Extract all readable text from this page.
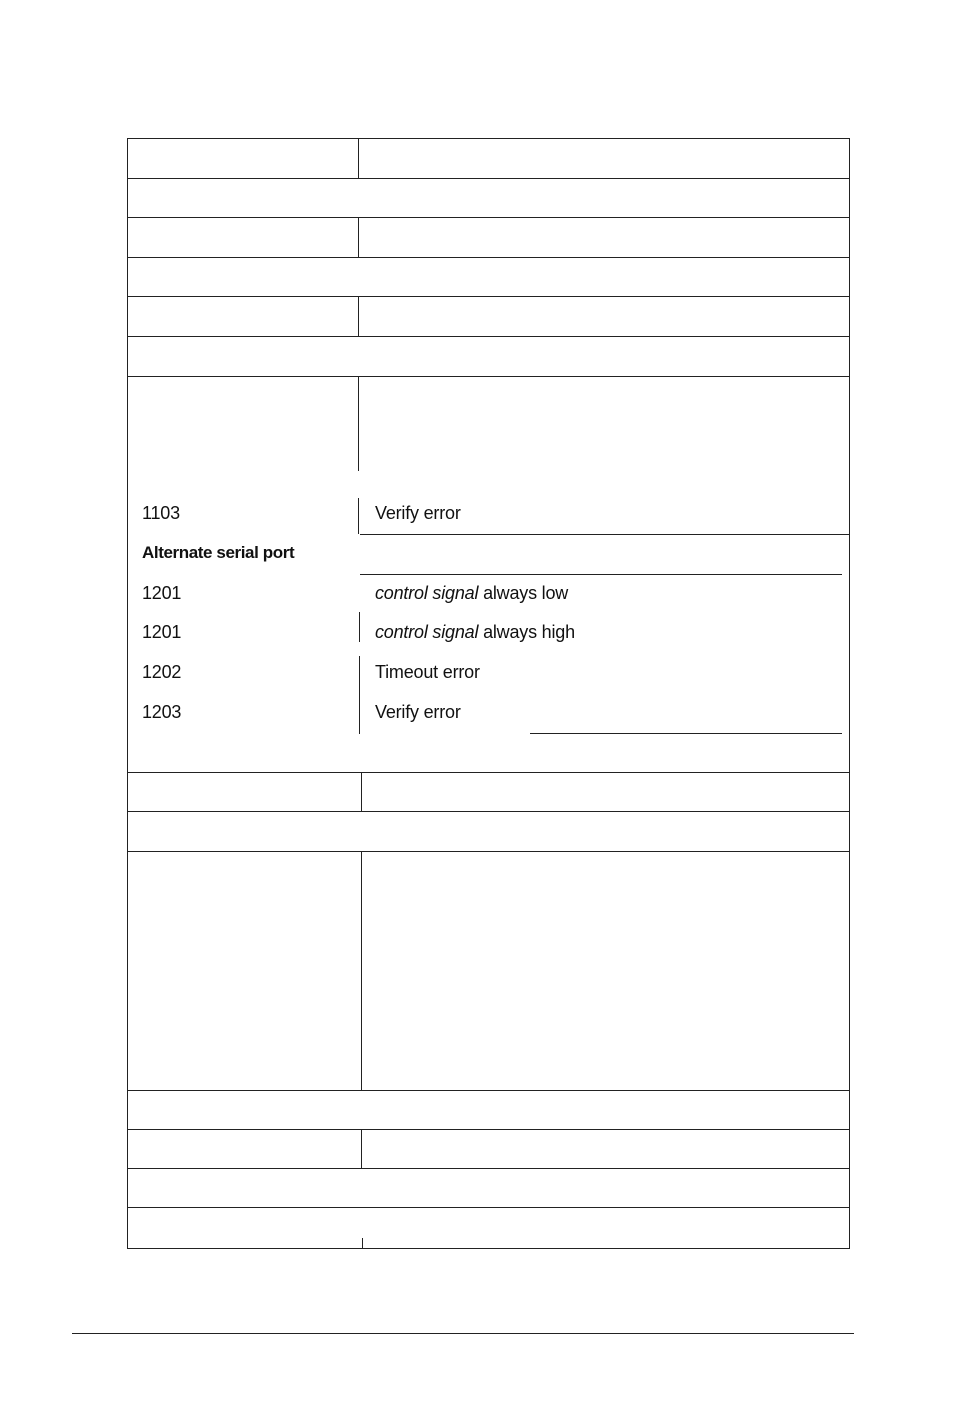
1103	Verify error
Alternate serial port
1201	control signal always low
1201	control signal always high
1202	Timeout error
1203	Verify error
